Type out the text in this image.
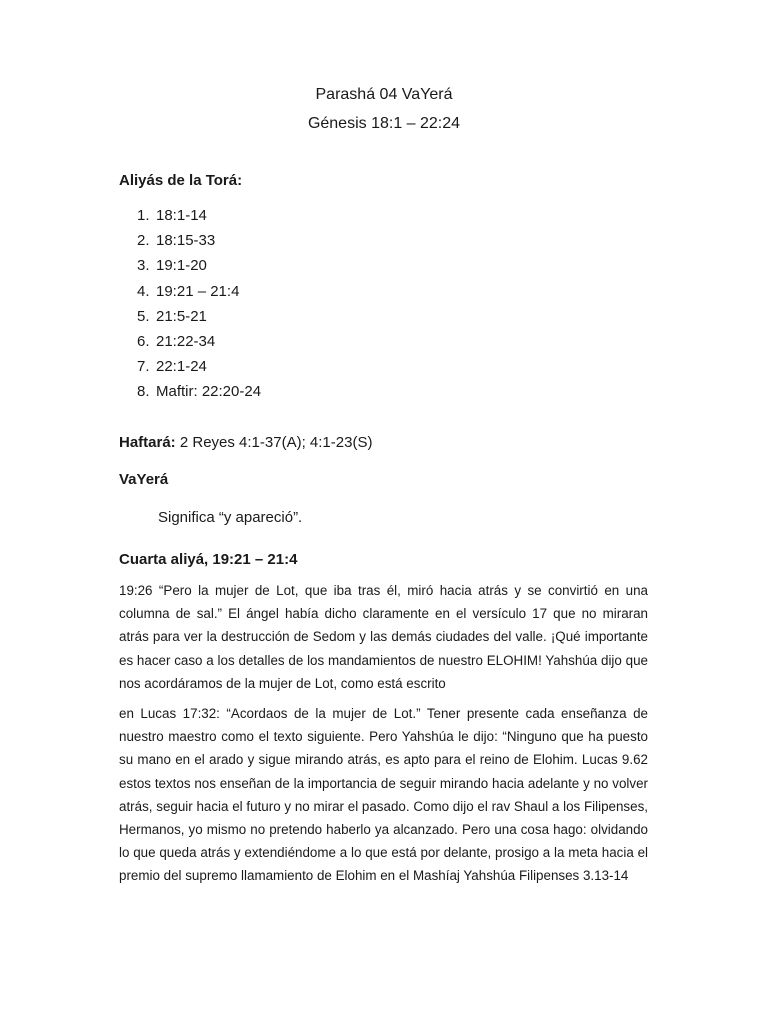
Parashá 04 VaYerá
Génesis 18:1 – 22:24
Aliyás de la Torá:
1. 18:1-14
2. 18:15-33
3. 19:1-20
4. 19:21 – 21:4
5. 21:5-21
6. 21:22-34
7. 22:1-24
8. Maftir: 22:20-24
Haftará: 2 Reyes 4:1-37(A); 4:1-23(S)
VaYerá
Significa “y apareció”.
Cuarta aliyá, 19:21 – 21:4

19:26 “Pero la mujer de Lot, que iba tras él, miró hacia atrás y se convirtió en una columna de sal.” El ángel había dicho claramente en el versículo 17 que no miraran atrás para ver la destrucción de Sedom y las demás ciudades del valle. ¡Qué importante es hacer caso a los detalles de los mandamientos de nuestro ELOHIM! Yahshúa dijo que nos acordáramos de la mujer de Lot, como está escrito

en Lucas 17:32: “Acordaos de la mujer de Lot.” Tener presente cada enseñanza de nuestro maestro como el texto siguiente. Pero Yahshúa le dijo: “Ninguno que ha puesto su mano en el arado y sigue mirando atrás, es apto para el reino de Elohim. Lucas 9.62 estos textos nos enseñan de la importancia de seguir mirando hacia adelante y no volver atrás, seguir hacia el futuro y no mirar el pasado. Como dijo el rav Shaul a los Filipenses, Hermanos, yo mismo no pretendo haberlo ya alcanzado. Pero una cosa hago: olvidando lo que queda atrás y extendiéndome a lo que está por delante, prosigo a la meta hacia el premio del supremo llamamiento de Elohim en el Mashíaj Yahshúa Filipenses 3.13-14
